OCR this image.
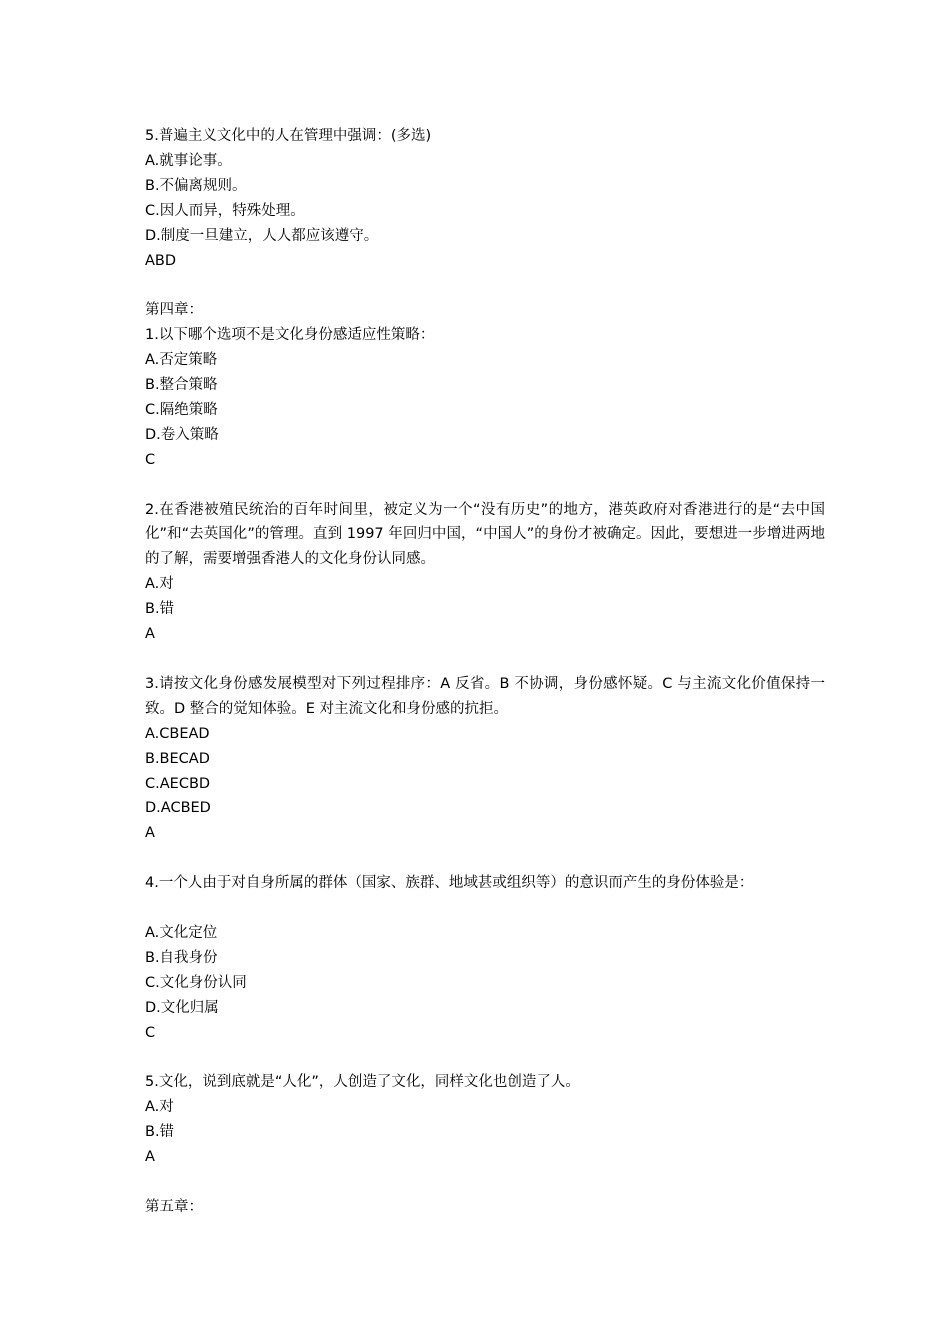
5.普遍主义文化中的人在管理中强调：(多选)

A.就事论事。

B.不偏离规则。

C.因人而异，特殊处理。

D.制度一旦建立，人人都应该遵守。

ABD

第四章：

1.以下哪个选项不是文化身份感适应性策略：

A.否定策略

B.整合策略

C.隔绝策略

D.卷入策略

C

2.在香港被殖民统治的百年时间里，被定义为一个“没有历史”的地方，港英政府对香港进行的是“去中国化”和“去英国化”的管理。直到 1997 年回归中国，“中国人”的身份才被确定。因此，要想进一步增进两地的了解，需要增强香港人的文化身份认同感。

A.对

B.错

A

3.请按文化身份感发展模型对下列过程排序：A 反省。B 不协调，身份感怀疑。C 与主流文化价值保持一致。D 整合的觉知体验。E 对主流文化和身份感的抗拒。

A.CBEAD

B.BECAD

C.AECBD

D.ACBED

A

4.一个人由于对自身所属的群体（国家、族群、地域甚或组织等）的意识而产生的身份体验是：

A.文化定位

B.自我身份

C.文化身份认同

D.文化归属

C

5.文化，说到底就是“人化”，人创造了文化，同样文化也创造了人。

A.对

B.错

A

第五章：
